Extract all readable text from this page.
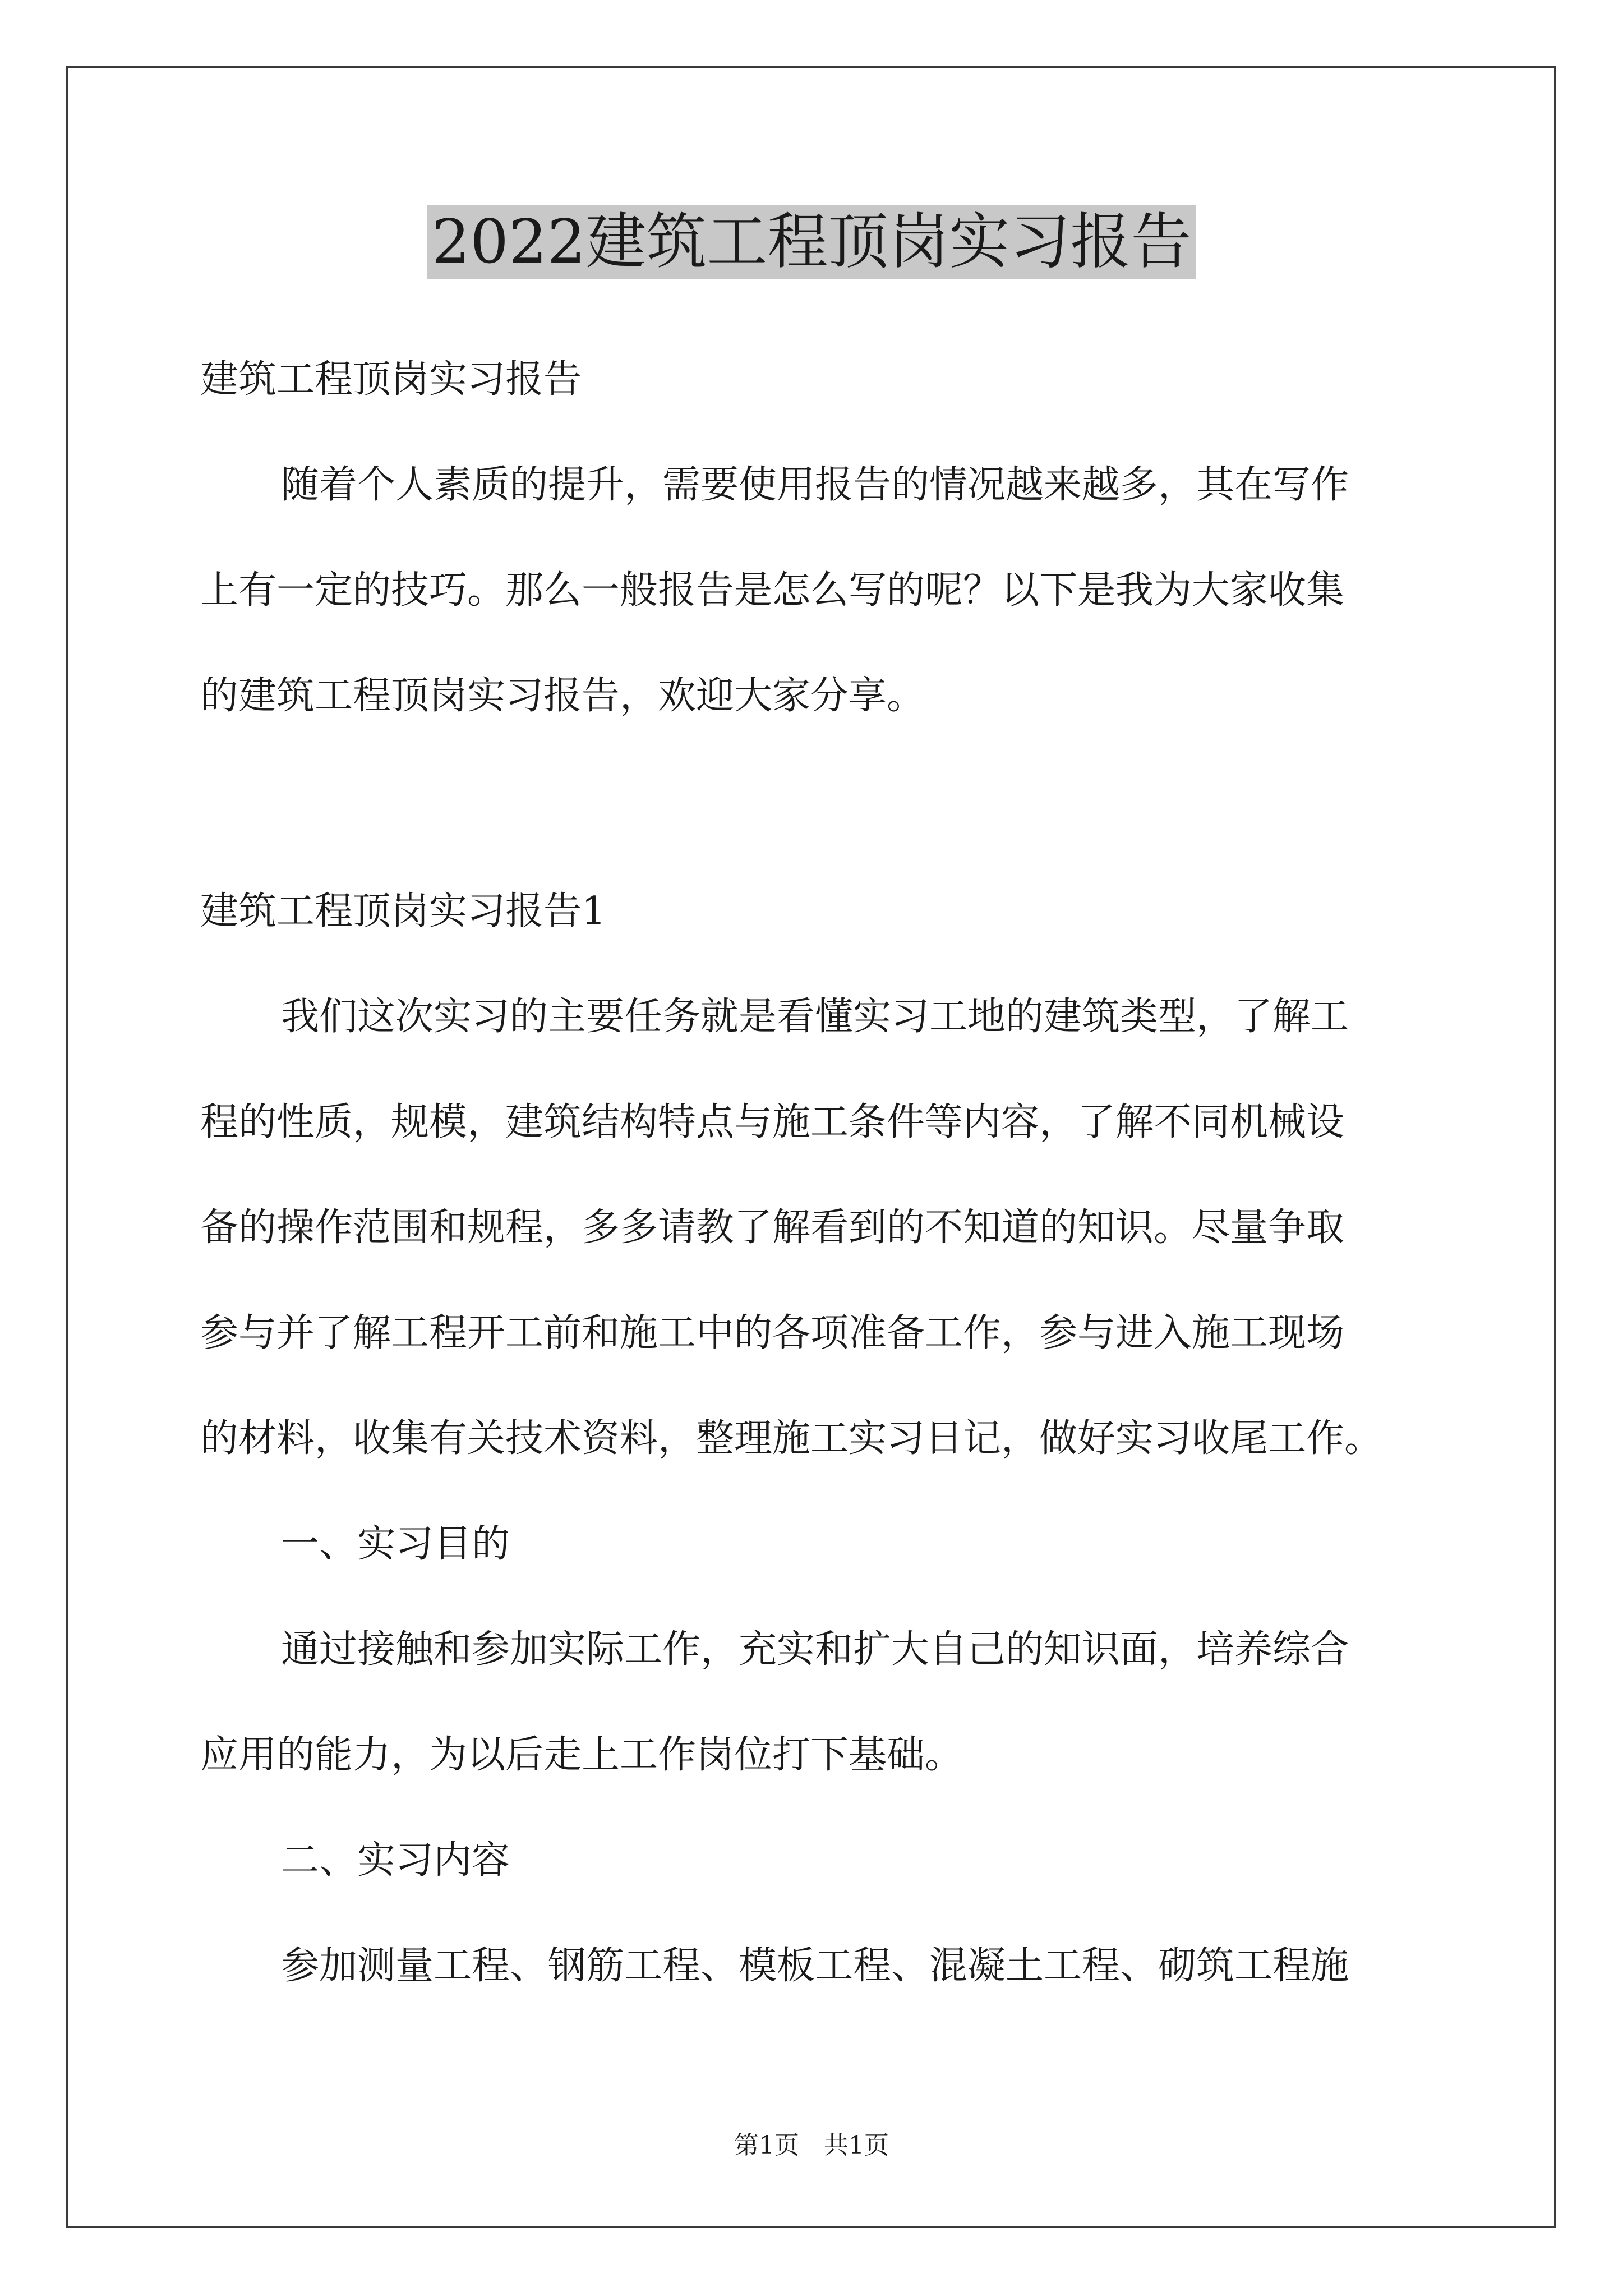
2022建筑工程顶岗实习报告
建筑工程顶岗实习报告
随着个人素质的提升，需要使用报告的情况越来越多，其在写作
上有一定的技巧。那么一般报告是怎么写的呢？以下是我为大家收集
的建筑工程顶岗实习报告，欢迎大家分享。
建筑工程顶岗实习报告1
我们这次实习的主要任务就是看懂实习工地的建筑类型，了解工
程的性质，规模，建筑结构特点与施工条件等内容，了解不同机械设
备的操作范围和规程，多多请教了解看到的不知道的知识。尽量争取
参与并了解工程开工前和施工中的各项准备工作，参与进入施工现场
的材料，收集有关技术资料，整理施工实习日记，做好实习收尾工作。
一、实习目的
通过接触和参加实际工作，充实和扩大自己的知识面，培养综合
应用的能力，为以后走上工作岗位打下基础。
二、实习内容
参加测量工程、钢筋工程、模板工程、混凝土工程、砌筑工程施
第1页　共1页
